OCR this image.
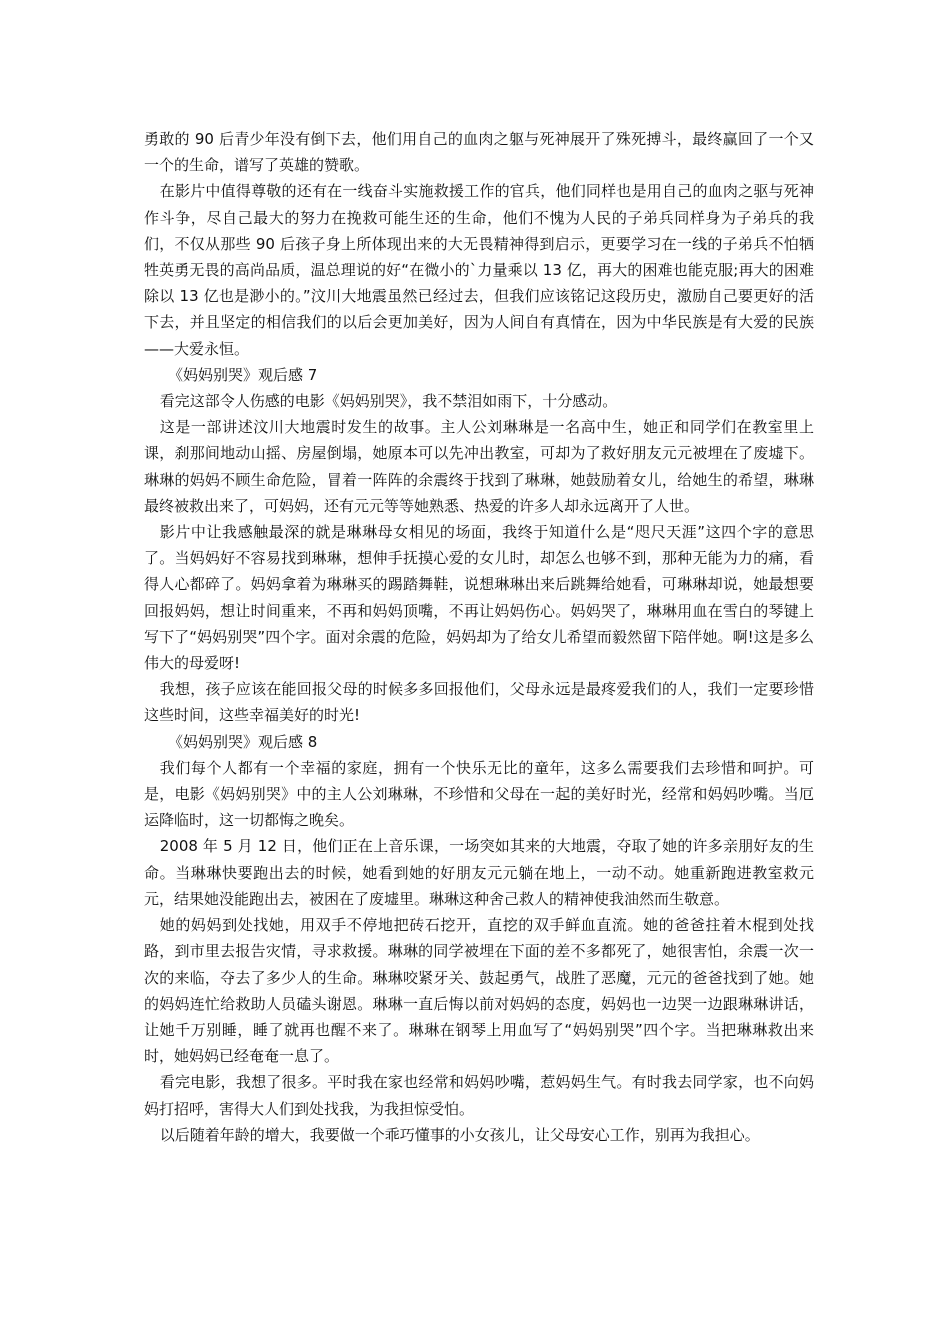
勇敢的 90 后青少年没有倒下去，他们用自己的血肉之躯与死神展开了殊死搏斗，最终赢回了一个又一个的生命，谱写了英雄的赞歌。

在影片中值得尊敬的还有在一线奋斗实施救援工作的官兵，他们同样也是用自己的血肉之驱与死神作斗争，尽自己最大的努力在挽救可能生还的生命，他们不愧为人民的子弟兵同样身为子弟兵的我们，不仅从那些 90 后孩子身上所体现出来的大无畏精神得到启示，更要学习在一线的子弟兵不怕牺牲英勇无畏的高尚品质，温总理说的好“在微小的`力量乘以 13 亿，再大的困难也能克服;再大的困难除以 13 亿也是渺小的。”汶川大地震虽然已经过去，但我们应该铭记这段历史，激励自己要更好的活下去，并且坚定的相信我们的以后会更加美好，因为人间自有真情在，因为中华民族是有大爱的民族——大爱永恒。

《妈妈别哭》观后感 7

看完这部令人伤感的电影《妈妈别哭》，我不禁泪如雨下，十分感动。

这是一部讲述汶川大地震时发生的故事。主人公刘琳琳是一名高中生，她正和同学们在教室里上课，刹那间地动山摇、房屋倒塌，她原本可以先冲出教室，可却为了救好朋友元元被埋在了废墟下。琳琳的妈妈不顾生命危险，冒着一阵阵的余震终于找到了琳琳，她鼓励着女儿，给她生的希望，琳琳最终被救出来了，可妈妈，还有元元等等她熟悉、热爱的许多人却永远离开了人世。

影片中让我感触最深的就是琳琳母女相见的场面，我终于知道什么是“咫尺天涯”这四个字的意思了。当妈妈好不容易找到琳琳，想伸手抚摸心爱的女儿时，却怎么也够不到，那种无能为力的痛，看得人心都碎了。妈妈拿着为琳琳买的踢踏舞鞋，说想琳琳出来后跳舞给她看，可琳琳却说，她最想要回报妈妈，想让时间重来，不再和妈妈顶嘴，不再让妈妈伤心。妈妈哭了，琳琳用血在雪白的琴键上写下了“妈妈别哭”四个字。面对余震的危险，妈妈却为了给女儿希望而毅然留下陪伴她。啊!这是多么伟大的母爱呀!

我想，孩子应该在能回报父母的时候多多回报他们，父母永远是最疼爱我们的人，我们一定要珍惜这些时间，这些幸福美好的时光!

《妈妈别哭》观后感 8

我们每个人都有一个幸福的家庭，拥有一个快乐无比的童年，这多么需要我们去珍惜和呵护。可是，电影《妈妈别哭》中的主人公刘琳琳，不珍惜和父母在一起的美好时光，经常和妈妈吵嘴。当厄运降临时，这一切都悔之晚矣。

2008 年 5 月 12 日，他们正在上音乐课，一场突如其来的大地震，夺取了她的许多亲朋好友的生命。当琳琳快要跑出去的时候，她看到她的好朋友元元躺在地上，一动不动。她重新跑进教室救元元，结果她没能跑出去，被困在了废墟里。琳琳这种舍己救人的精神使我油然而生敬意。

她的妈妈到处找她，用双手不停地把砖石挖开，直挖的双手鲜血直流。她的爸爸拄着木棍到处找路，到市里去报告灾情，寻求救援。琳琳的同学被埋在下面的差不多都死了，她很害怕，余震一次一次的来临，夺去了多少人的生命。琳琳咬紧牙关、鼓起勇气，战胜了恶魔，元元的爸爸找到了她。她的妈妈连忙给救助人员磕头谢恩。琳琳一直后悔以前对妈妈的态度，妈妈也一边哭一边跟琳琳讲话，让她千万别睡，睡了就再也醒不来了。琳琳在钢琴上用血写了“妈妈别哭”四个字。当把琳琳救出来时，她妈妈已经奄奄一息了。

看完电影，我想了很多。平时我在家也经常和妈妈吵嘴，惹妈妈生气。有时我去同学家，也不向妈妈打招呼，害得大人们到处找我，为我担惊受怕。

以后随着年龄的增大，我要做一个乖巧懂事的小女孩儿，让父母安心工作，别再为我担心。
